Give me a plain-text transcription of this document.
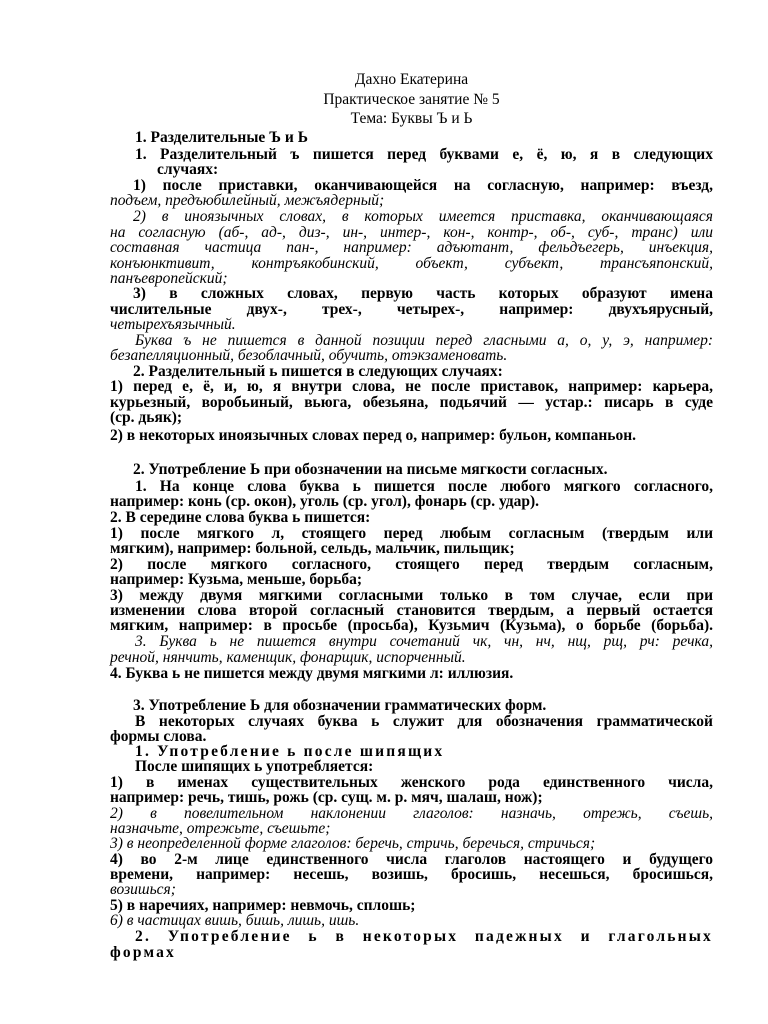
Дахно Екатерина
Практическое занятие № 5
Тема: Буквы Ъ и Ь
1. Разделительные Ъ и Ь
1. Разделительный ъ пишется перед буквами е, ё, ю, я в следующих
случаях:
1) после приставки, оканчивающейся на согласную, например: въезд,
подъем, предъюбилейный, межъядерный;
2) в иноязычных словах, в которых имеется приставка, оканчивающаяся
на согласную (аб-, ад-, диз-, ин-, интер-, кон-, контр-, об-, суб-, транс) или
составная частица пан-, например: адъютант, фельдъегерь, инъекция,
конъюнктивит, контръякобинский, объект, субъект, трансъяпонский,
панъевропейский;
3) в сложных словах, первую часть которых образуют имена
числительные двух-, трех-, четырех-, например: двухъярусный,
четырехъязычный.
Буква ъ не пишется в данной позиции перед гласными а, о, у, э, например:
безапелляционный, безоблачный, обучить, отэкзаменовать.
2. Разделительный ь пишется в следующих случаях:
1) перед е, ё, и, ю, я внутри слова, не после приставок, например: карьера,
курьезный, воробьиный, вьюга, обезьяна, подьячий — устар.: писарь в суде
(ср. дьяк);
2) в некоторых иноязычных словах перед о, например: бульон, компаньон.
2. Употребление Ь при обозначении на письме мягкости согласных.
1. На конце слова буква ь пишется после любого мягкого согласного,
например: конь (ср. окон), уголь (ср. угол), фонарь (ср. удар).
2. В середине слова буква ь пишется:
1) после мягкого л, стоящего перед любым согласным (твердым или
мягким), например: больной, сельдь, мальчик, пильщик;
2) после мягкого согласного, стоящего перед твердым согласным,
например: Кузьма, меньше, борьба;
3) между двумя мягкими согласными только в том случае, если при
изменении слова второй согласный становится твердым, а первый остается
мягким, например: в просьбе (просьба), Кузьмич (Кузьма), о борьбе (борьба).
3. Буква ь не пишется внутри сочетаний чк, чн, нч, нщ, рщ, рч: речка,
речной, нянчить, каменщик, фонарщик, испорченный.
4. Буква ь не пишется между двумя мягкими л: иллюзия.
3. Употребление Ь для обозначении грамматических форм.
В некоторых случаях буква ь служит для обозначения грамматической
формы слова.
1. Употребление ь после шипящих
После шипящих ь употребляется:
1) в именах существительных женского рода единственного числа,
например: речь, тишь, рожь (ср. сущ. м. р. мяч, шалаш, нож);
2) в повелительном наклонении глаголов: назначь, отрежь, съешь,
назначьте, отрежьте, съешьте;
3) в неопределенной форме глаголов: беречь, стричь, беречься, стричься;
4) во 2-м лице единственного числа глаголов настоящего и будущего
времени, например: несешь, возишь, бросишь, несешься, бросишься,
возишься;
5) в наречиях, например: невмочь, сплошь;
6) в частицах вишь, бишь, лишь, ишь.
2. Употребление ь в некоторых падежных и глагольных
формах
